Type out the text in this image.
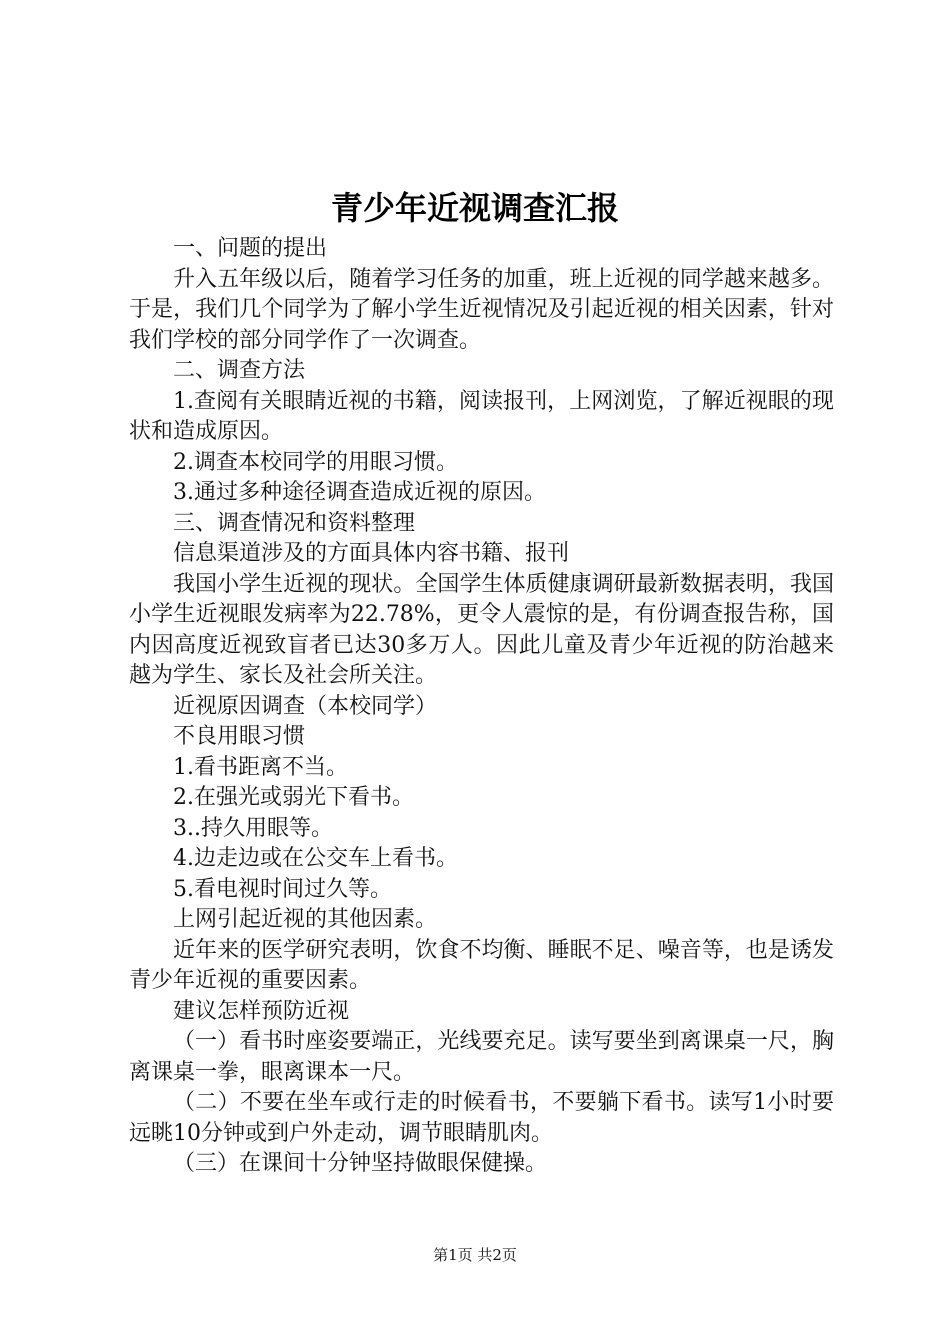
青少年近视调查汇报

一、问题的提出

升入五年级以后，随着学习任务的加重，班上近视的同学越来越多。于是，我们几个同学为了解小学生近视情况及引起近视的相关因素，针对我们学校的部分同学作了一次调查。

二、调查方法

1.查阅有关眼睛近视的书籍，阅读报刊，上网浏览，了解近视眼的现状和造成原因。

2.调查本校同学的用眼习惯。

3.通过多种途径调查造成近视的原因。

三、调查情况和资料整理

信息渠道涉及的方面具体内容书籍、报刊

我国小学生近视的现状。全国学生体质健康调研最新数据表明，我国小学生近视眼发病率为22.78%，更令人震惊的是，有份调查报告称，国内因高度近视致盲者已达30多万人。因此儿童及青少年近视的防治越来越为学生、家长及社会所关注。

近视原因调查（本校同学）

不良用眼习惯

1.看书距离不当。

2.在强光或弱光下看书。

3..持久用眼等。

4.边走边或在公交车上看书。

5.看电视时间过久等。

上网引起近视的其他因素。

近年来的医学研究表明，饮食不均衡、睡眠不足、噪音等，也是诱发青少年近视的重要因素。

建议怎样预防近视

（一）看书时座姿要端正，光线要充足。读写要坐到离课桌一尺，胸离课桌一拳，眼离课本一尺。

（二）不要在坐车或行走的时候看书，不要躺下看书。读写1小时要远眺10分钟或到户外走动，调节眼睛肌肉。

（三）在课间十分钟坚持做眼保健操。

第1页 共2页
